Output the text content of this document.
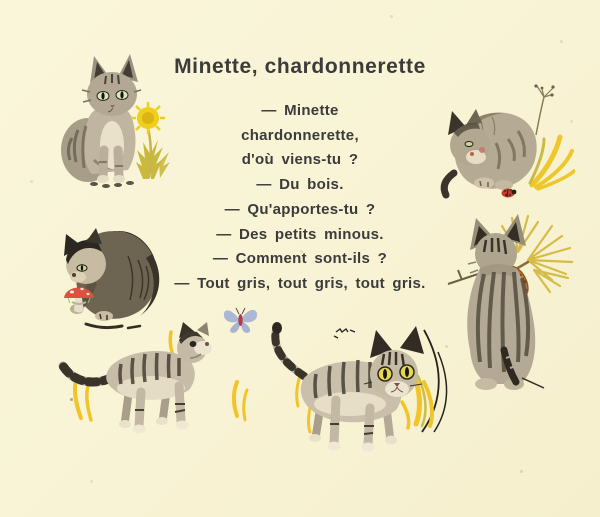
Minette, chardonnerette
— Minette
chardonnerette,
d'où viens-tu ?
— Du bois.
— Qu'apportes-tu ?
— Des petits minous.
— Comment sont-ils ?
— Tout gris, tout gris, tout gris.
